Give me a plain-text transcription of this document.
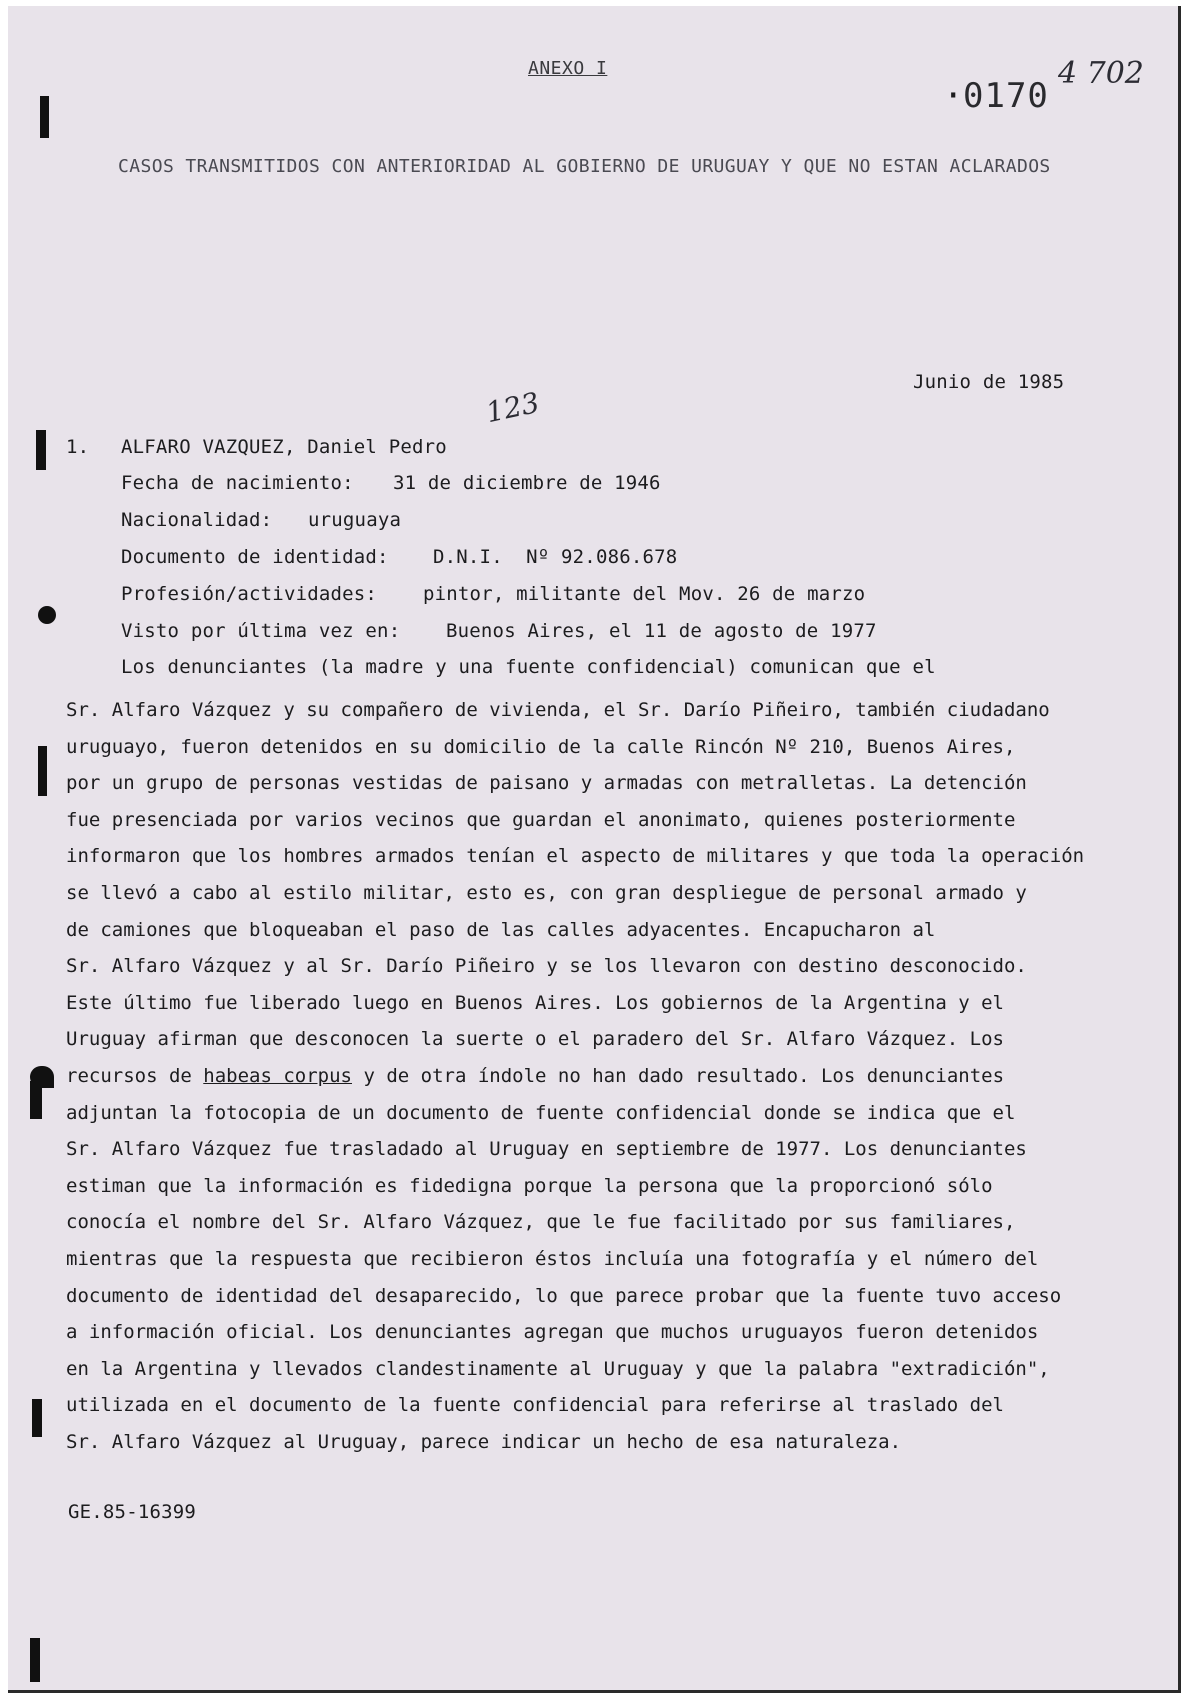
ANEXO I
· 0170
4 702
CASOS TRANSMITIDOS CON ANTERIORIDAD AL GOBIERNO DE URUGUAY Y QUE NO ESTAN ACLARADOS
Junio de 1985
123
1. ALFARO VAZQUEZ, Daniel Pedro
Fecha de nacimiento: 31 de diciembre de 1946
Nacionalidad: uruguaya
Documento de identidad: D.N.I.  Nº 92.086.678
Profesión/actividades: pintor, militante del Mov. 26 de marzo
Visto por última vez en: Buenos Aires, el 11 de agosto de 1977
Los denunciantes (la madre y una fuente confidencial) comunican que el
Sr. Alfaro Vázquez y su compañero de vivienda, el Sr. Darío Piñeiro, también ciudadano
uruguayo, fueron detenidos en su domicilio de la calle Rincón Nº 210, Buenos Aires,
por un grupo de personas vestidas de paisano y armadas con metralletas. La detención
fue presenciada por varios vecinos que guardan el anonimato, quienes posteriormente
informaron que los hombres armados tenían el aspecto de militares y que toda la operación
se llevó a cabo al estilo militar, esto es, con gran despliegue de personal armado y
de camiones que bloqueaban el paso de las calles adyacentes. Encapucharon al
Sr. Alfaro Vázquez y al Sr. Darío Piñeiro y se los llevaron con destino desconocido.
Este último fue liberado luego en Buenos Aires. Los gobiernos de la Argentina y el
Uruguay afirman que desconocen la suerte o el paradero del Sr. Alfaro Vázquez. Los
recursos de habeas corpus y de otra índole no han dado resultado. Los denunciantes
adjuntan la fotocopia de un documento de fuente confidencial donde se indica que el
Sr. Alfaro Vázquez fue trasladado al Uruguay en septiembre de 1977. Los denunciantes
estiman que la información es fidedigna porque la persona que la proporcionó sólo
conocía el nombre del Sr. Alfaro Vázquez, que le fue facilitado por sus familiares,
mientras que la respuesta que recibieron éstos incluía una fotografía y el número del
documento de identidad del desaparecido, lo que parece probar que la fuente tuvo acceso
a información oficial. Los denunciantes agregan que muchos uruguayos fueron detenidos
en la Argentina y llevados clandestinamente al Uruguay y que la palabra "extradición",
utilizada en el documento de la fuente confidencial para referirse al traslado del
Sr. Alfaro Vázquez al Uruguay, parece indicar un hecho de esa naturaleza.
GE.85-16399
